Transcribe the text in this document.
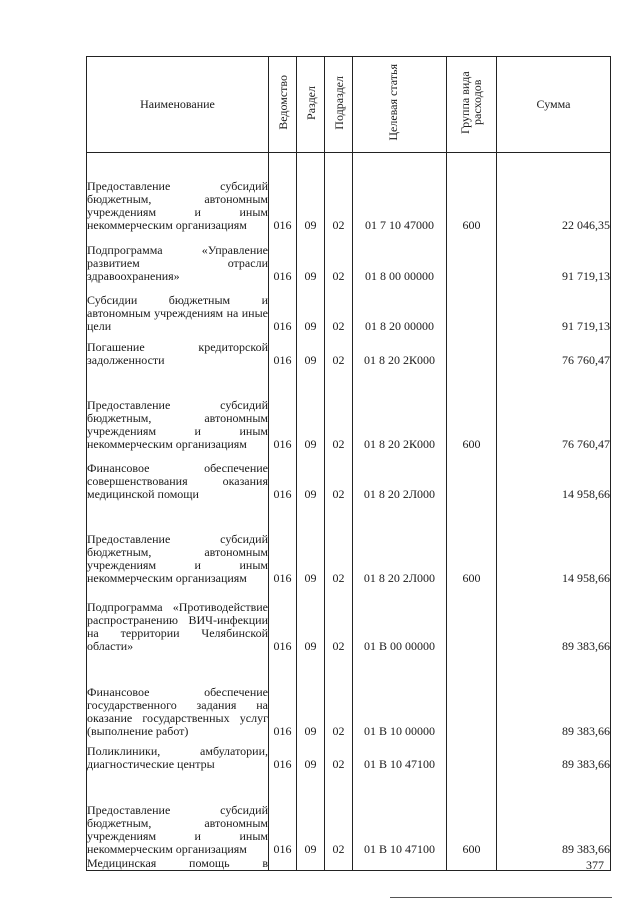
Наименование	Ведомство	Раздел	Подраздел	Целевая статья	Группа вида расходов	Сумма
Предоставление субсидий бюджетным, автономным учреждениям и иным некоммерческим организациям	016	09	02	01 7 10 47000	600	22 046,35
Подпрограмма «Управление развитием отрасли здравоохранения»	016	09	02	01 8 00 00000		91 719,13
Субсидии бюджетным и автономным учреждениям на иные цели	016	09	02	01 8 20 00000		91 719,13
Погашение кредиторской задолженности	016	09	02	01 8 20 2К000		76 760,47
Предоставление субсидий бюджетным, автономным учреждениям и иным некоммерческим организациям	016	09	02	01 8 20 2К000	600	76 760,47
Финансовое обеспечение совершенствования оказания медицинской помощи	016	09	02	01 8 20 2Л000		14 958,66
Предоставление субсидий бюджетным, автономным учреждениям и иным некоммерческим организациям	016	09	02	01 8 20 2Л000	600	14 958,66
Подпрограмма «Противодействие распространению ВИЧ-инфекции на территории Челябинской области»	016	09	02	01 В 00 00000		89 383,66
Финансовое обеспечение государственного задания на оказание государственных услуг (выполнение работ)	016	09	02	01 В 10 00000		89 383,66
Поликлиники, амбулатории, диагностические центры	016	09	02	01 В 10 47100		89 383,66
Предоставление субсидий бюджетным, автономным учреждениям и иным некоммерческим организациям	016	09	02	01 В 10 47100	600	89 383,66
Медицинская помощь в							377
